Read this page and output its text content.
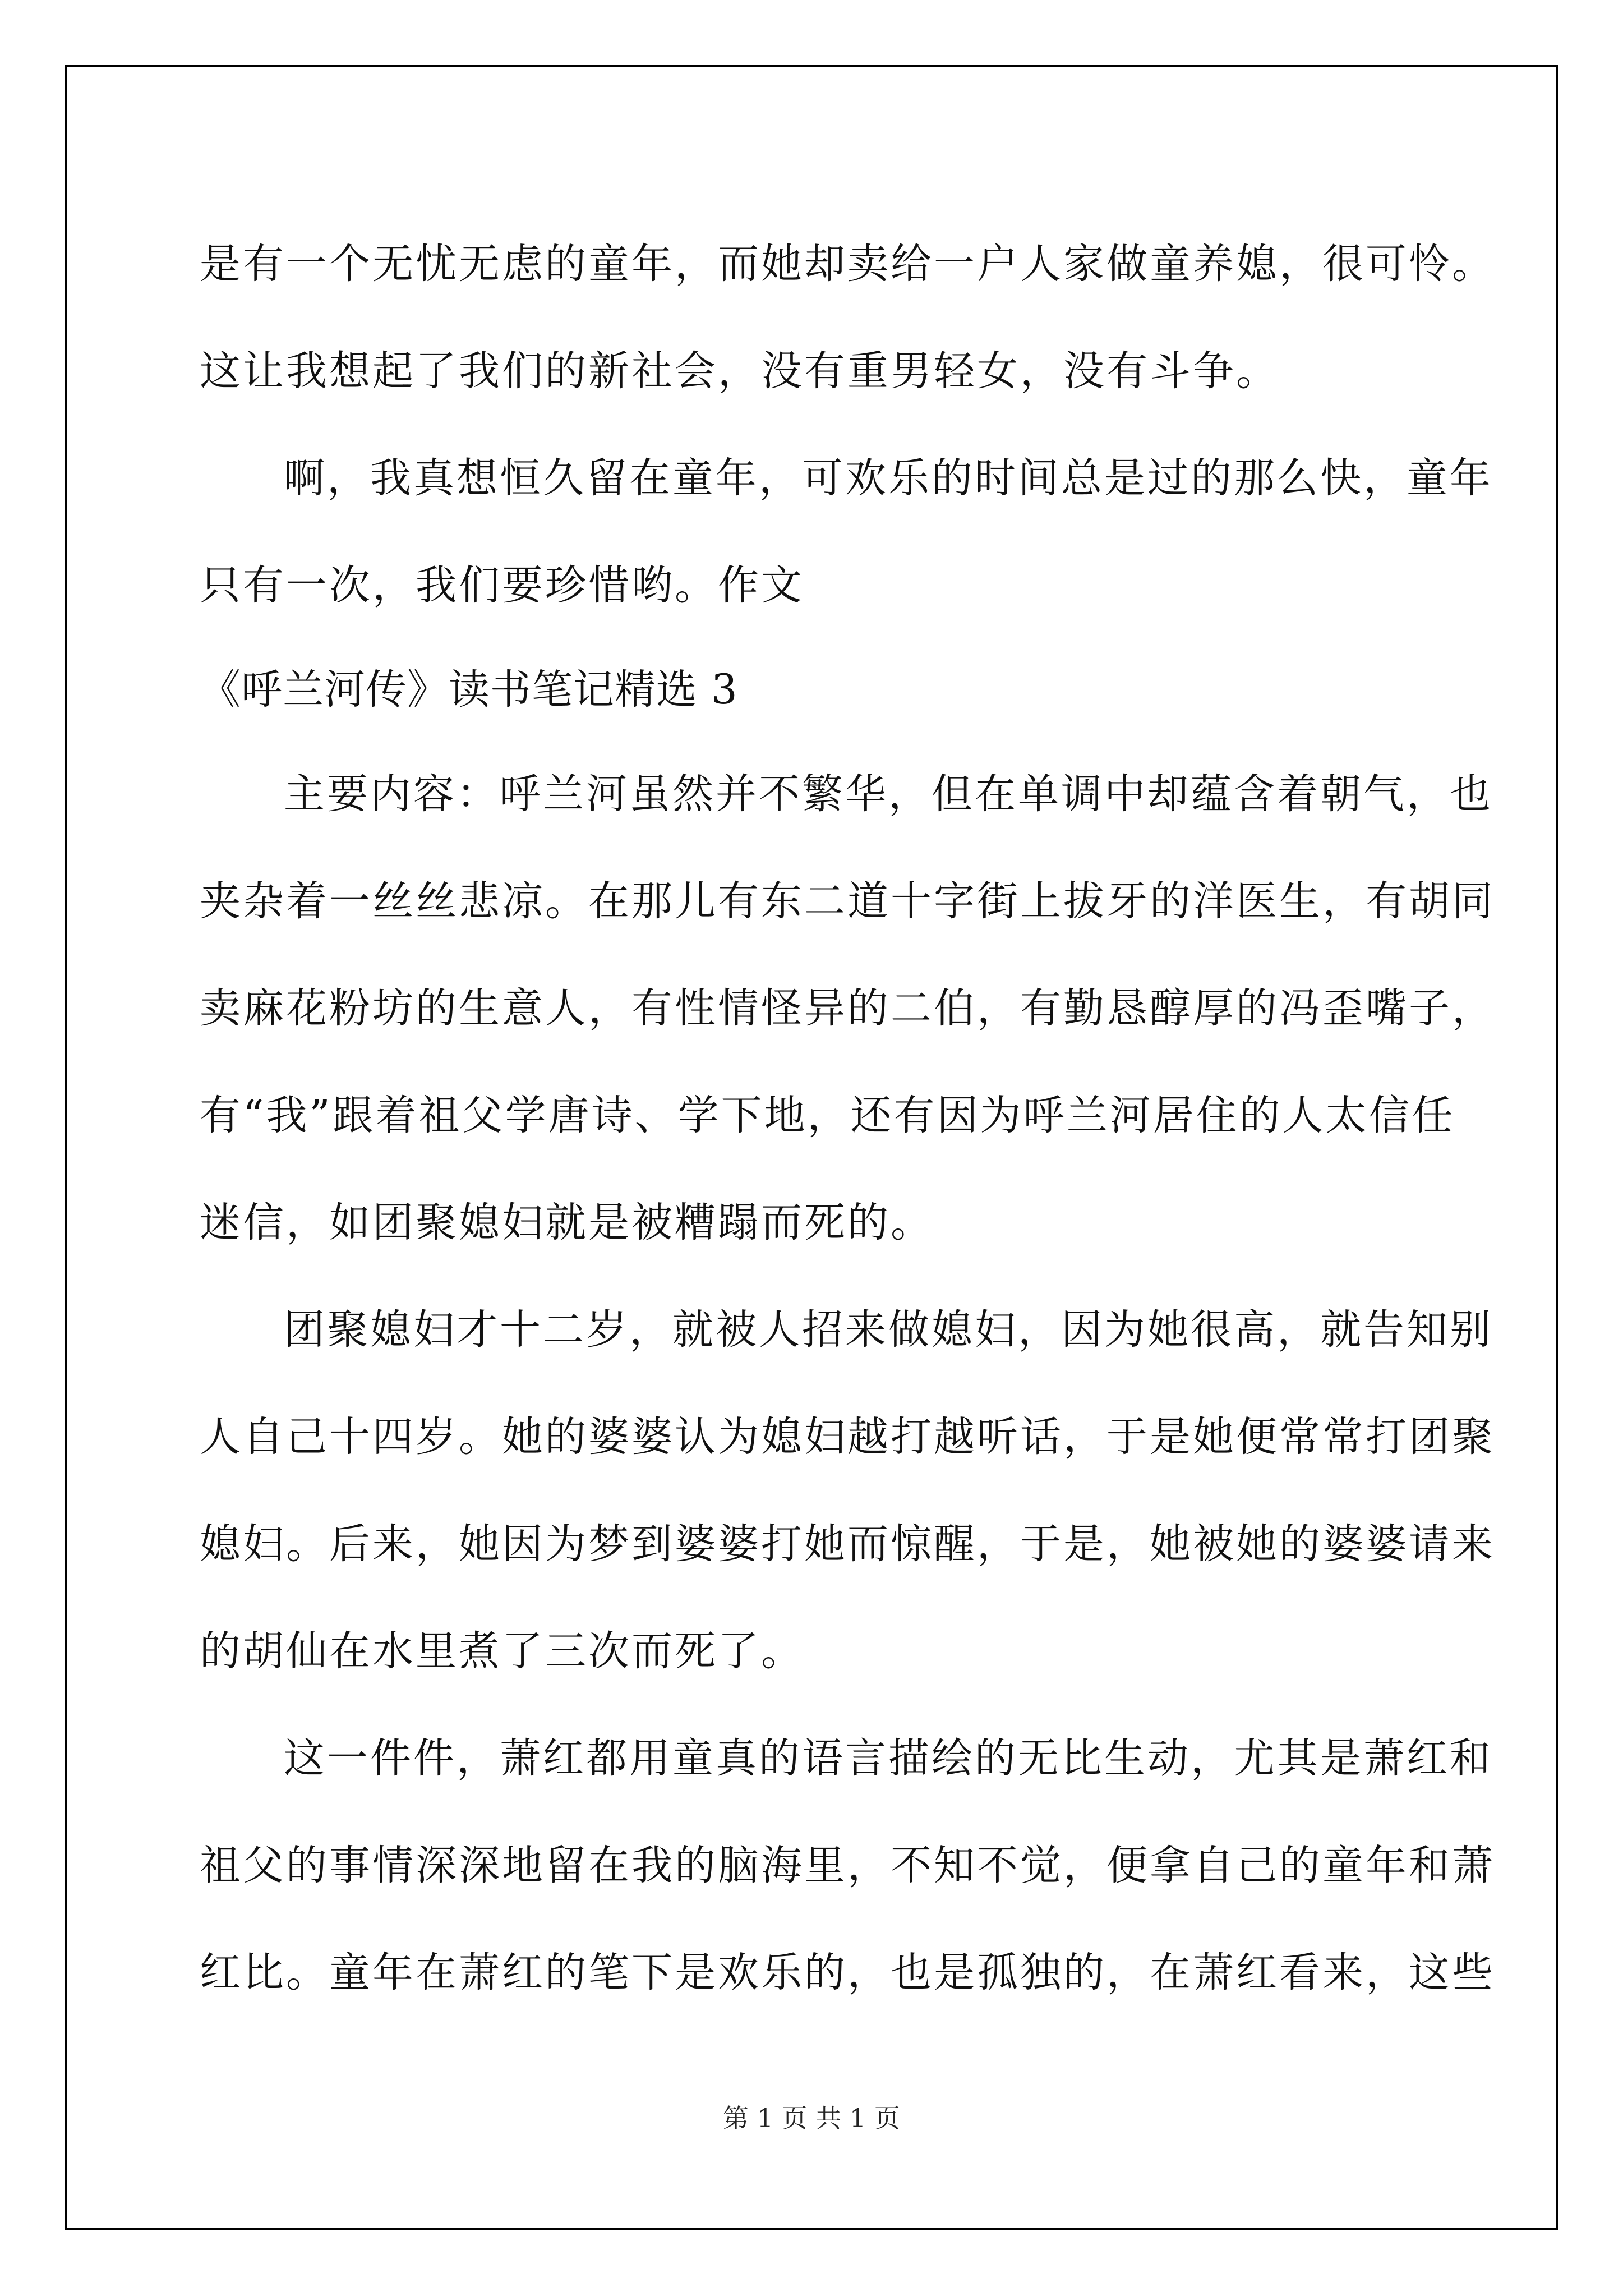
是有一个无忧无虑的童年，而她却卖给一户人家做童养媳，很可怜。
这让我想起了我们的新社会，没有重男轻女，没有斗争。
啊，我真想恒久留在童年，可欢乐的时间总是过的那么快，童年
只有一次，我们要珍惜哟。作文
《呼兰河传》读书笔记精选 3
主要内容：呼兰河虽然并不繁华，但在单调中却蕴含着朝气，也
夹杂着一丝丝悲凉。在那儿有东二道十字街上拔牙的洋医生，有胡同
卖麻花粉坊的生意人，有性情怪异的二伯，有勤恳醇厚的冯歪嘴子，
有“我”跟着祖父学唐诗、学下地，还有因为呼兰河居住的人太信任
迷信，如团聚媳妇就是被糟蹋而死的。
团聚媳妇才十二岁，就被人招来做媳妇，因为她很高，就告知别
人自己十四岁。她的婆婆认为媳妇越打越听话，于是她便常常打团聚
媳妇。后来，她因为梦到婆婆打她而惊醒，于是，她被她的婆婆请来
的胡仙在水里煮了三次而死了。
这一件件，萧红都用童真的语言描绘的无比生动，尤其是萧红和
祖父的事情深深地留在我的脑海里，不知不觉，便拿自己的童年和萧
红比。童年在萧红的笔下是欢乐的，也是孤独的，在萧红看来，这些
第 1 页 共 1 页
